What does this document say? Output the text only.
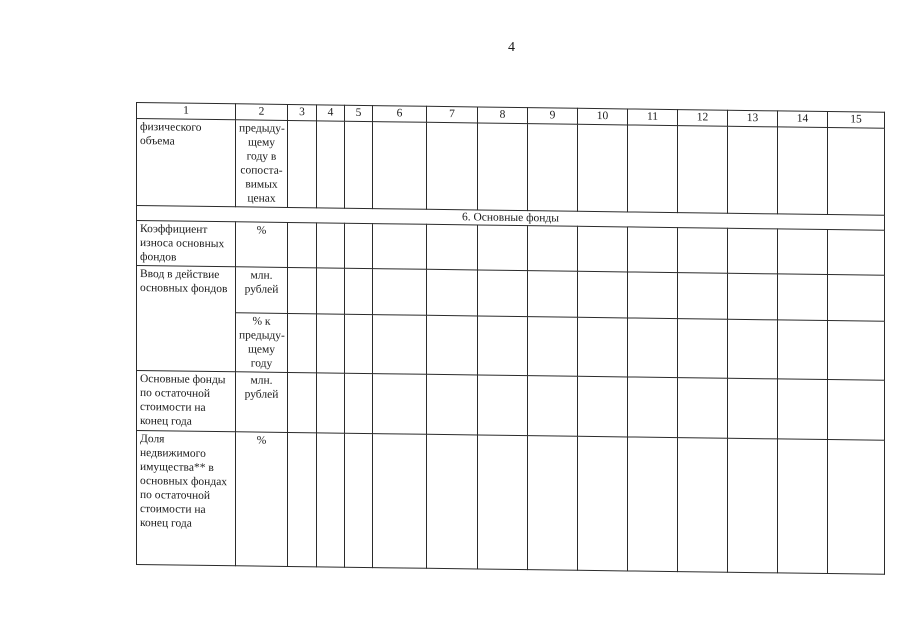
4
1	2	3	4	5	6	7	8	9	10	11	12	13	14	15
физического объема	предыду-щему году в сопоста-вимых ценах													
6. Основные фонды														
Коэффициент износа основных фондов	%													
Ввод в действие основных фондов	млн. рублей													
	% к предыду-щему году													
Основные фонды по остаточной стоимости на конец года	млн. рублей													
Доля недвижимого имущества** в основных фондах по остаточной стоимости на конец года	%													
